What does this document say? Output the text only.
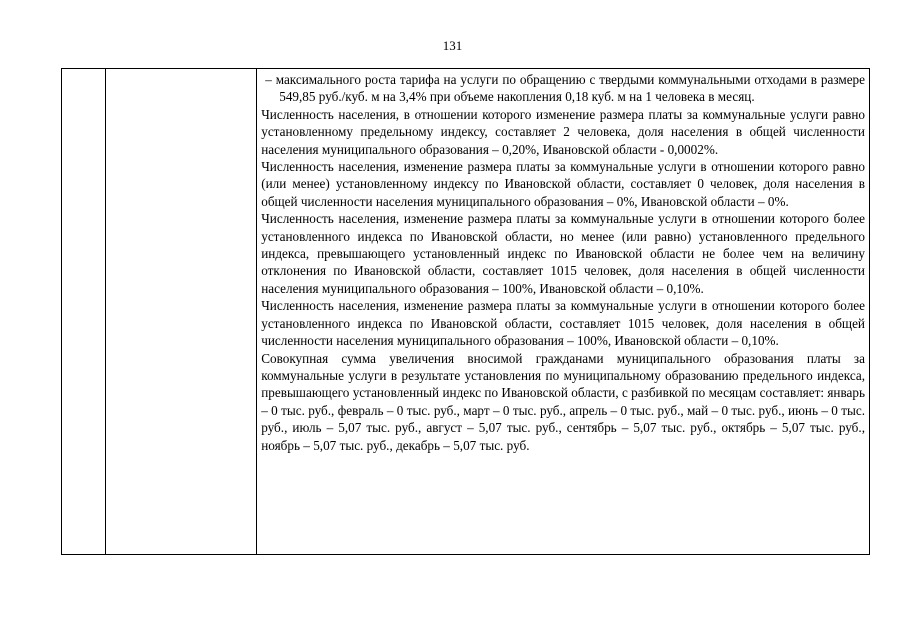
131

– максимального роста тарифа на услуги по обращению с твердыми коммунальными отходами в размере 549,85 руб./куб. м на 3,4% при объеме накопления 0,18 куб. м на 1 человека в месяц.

Численность населения, в отношении которого изменение размера платы за коммунальные услуги равно установленному предельному индексу, составляет 2 человека, доля населения в общей численности населения муниципального образования – 0,20%, Ивановской области - 0,0002%.

Численность населения, изменение размера платы за коммунальные услуги в отношении которого равно (или менее) установленному индексу по Ивановской области, составляет 0 человек, доля населения в общей численности населения муниципального образования – 0%, Ивановской области – 0%.

Численность населения, изменение размера платы за коммунальные услуги в отношении которого более установленного индекса по Ивановской области, но менее (или равно) установленного предельного индекса, превышающего установленный индекс по Ивановской области не более чем на величину отклонения по Ивановской области, составляет 1015 человек, доля населения в общей численности населения муниципального образования – 100%, Ивановской области – 0,10%.

Численность населения, изменение размера платы за коммунальные услуги в отношении которого более установленного индекса по Ивановской области, составляет 1015 человек, доля населения в общей численности населения муниципального образования – 100%, Ивановской области – 0,10%.

Совокупная сумма увеличения вносимой гражданами муниципального образования платы за коммунальные услуги в результате установления по муниципальному образованию предельного индекса, превышающего установленный индекс по Ивановской области, с разбивкой по месяцам составляет: январь – 0 тыс. руб., февраль – 0 тыс. руб., март – 0 тыс. руб., апрель – 0 тыс. руб., май – 0 тыс. руб., июнь – 0 тыс. руб., июль – 5,07 тыс. руб., август – 5,07 тыс. руб., сентябрь – 5,07 тыс. руб., октябрь – 5,07 тыс. руб., ноябрь – 5,07 тыс. руб., декабрь – 5,07 тыс. руб.
